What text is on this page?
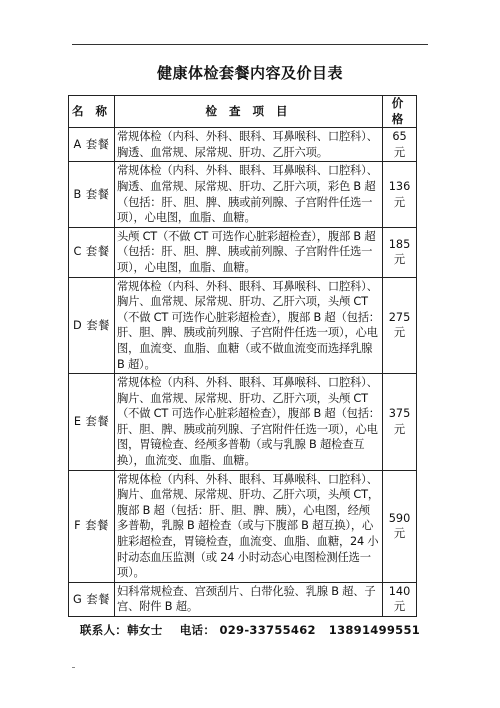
健康体检套餐内容及价目表
名 称	检 查 项 目	价 格
A 套餐	常规体检（内科、外科、眼科、耳鼻喉科、口腔科）、胸透、血常规、尿常规、肝功、乙肝六项。	65 元
B 套餐	常规体检（内科、外科、眼科、耳鼻喉科、口腔科）、胸透、血常规、尿常规、肝功、乙肝六项，彩色 B 超（包括：肝、胆、脾、胰或前列腺、子宫附件任选一项），心电图，血脂、血糖。	136 元
C 套餐	头颅 CT（不做 CT 可选作心脏彩超检查），腹部 B 超（包括：肝、胆、脾、胰或前列腺、子宫附件任选一项），心电图，血脂、血糖。	185 元
D 套餐	常规体检（内科、外科、眼科、耳鼻喉科、口腔科）、胸片、血常规、尿常规、肝功、乙肝六项，头颅 CT（不做 CT 可选作心脏彩超检查），腹部 B 超（包括：肝、胆、脾、胰或前列腺、子宫附件任选一项），心电图，血流变、血脂、血糖（或不做血流变而选择乳腺 B 超）。	275 元
E 套餐	常规体检（内科、外科、眼科、耳鼻喉科、口腔科）、胸片、血常规、尿常规、肝功、乙肝六项，头颅 CT（不做 CT 可选作心脏彩超检查），腹部 B 超（包括：肝、胆、脾、胰或前列腺、子宫附件任选一项），心电图，胃镜检查、经颅多普勒（或与乳腺 B 超检查互换），血流变、血脂、血糖。	375 元
F 套餐	常规体检（内科、外科、眼科、耳鼻喉科、口腔科）、胸片、血常规、尿常规、肝功、乙肝六项，头颅 CT，腹部 B 超（包括：肝、胆、脾、胰），心电图，经颅多普勒，乳腺 B 超检查（或与下腹部 B 超互换），心脏彩超检查，胃镜检查，血流变、血脂、血糖，24 小时动态血压监测（或 24 小时动态心电图检测任选一项）。	590 元
G 套餐	妇科常规检查、宫颈刮片、白带化验、乳腺 B 超、子宫、附件 B 超。	140 元
联系人：韩女士 电话： 029-33755462 13891499551
